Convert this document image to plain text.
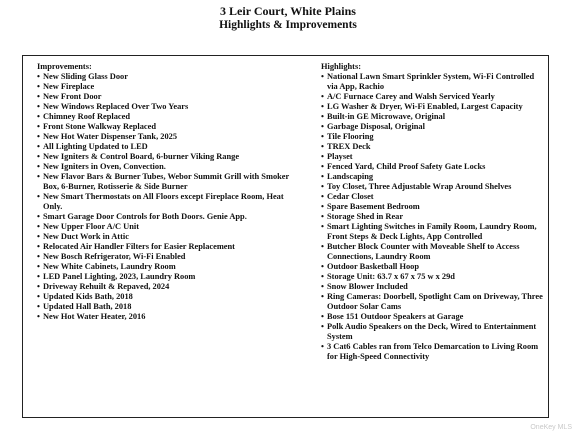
3 Leir Court, White Plains
Highlights & Improvements
Improvements:
• New Sliding Glass Door
• New Fireplace
• New Front Door
• New Windows Replaced Over Two Years
• Chimney Roof Replaced
• Front Stone Walkway Replaced
• New Hot Water Dispenser Tank, 2025
• All Lighting Updated to LED
• New Igniters & Control Board, 6-burner Viking Range
• New Igniters in Oven, Convection.
• New Flavor Bars & Burner Tubes, Webor Summit Grill with Smoker Box, 6-Burner, Rotisserie & Side Burner
• New Smart Thermostats on All Floors except Fireplace Room, Heat Only.
• Smart Garage Door Controls for Both Doors. Genie App.
• New Upper Floor A/C Unit
• New Duct Work in Attic
• Relocated Air Handler Filters for Easier Replacement
• New Bosch Refrigerator, Wi-Fi Enabled
• New White Cabinets, Laundry Room
• LED Panel Lighting, 2023, Laundry Room
• Driveway Rehuilt & Repaved, 2024
• Updated Kids Bath, 2018
• Updated Hall Bath, 2018
• New Hot Water Heater, 2016
Highlights:
• National Lawn Smart Sprinkler System, Wi-Fi Controlled via App, Rachio
• A/C Furnace Carey and Walsh Serviced Yearly
• LG Washer & Dryer, Wi-Fi Enabled, Largest Capacity
• Built-in GE Microwave, Original
• Garbage Disposal, Original
• Tile Flooring
• TREX Deck
• Playset
• Fenced Yard, Child Proof Safety Gate Locks
• Landscaping
• Toy Closet, Three Adjustable Wrap Around Shelves
• Cedar Closet
• Spare Basement Bedroom
• Storage Shed in Rear
• Smart Lighting Switches in Family Room, Laundry Room, Front Steps & Deck Lights, App Controlled
• Butcher Block Counter with Moveable Shelf to Access Connections, Laundry Room
• Outdoor Basketball Hoop
• Storage Unit: 63.7 x 67 x 75 w x 29d
• Snow Blower Included
• Ring Cameras: Doorbell, Spotlight Cam on Driveway, Three Outdoor Solar Cams
• Bose 151 Outdoor Speakers at Garage
• Polk Audio Speakers on the Deck, Wired to Entertainment System
• 3 Cat6 Cables ran from Telco Demarcation to Living Room for High-Speed Connectivity
OneKey MLS
